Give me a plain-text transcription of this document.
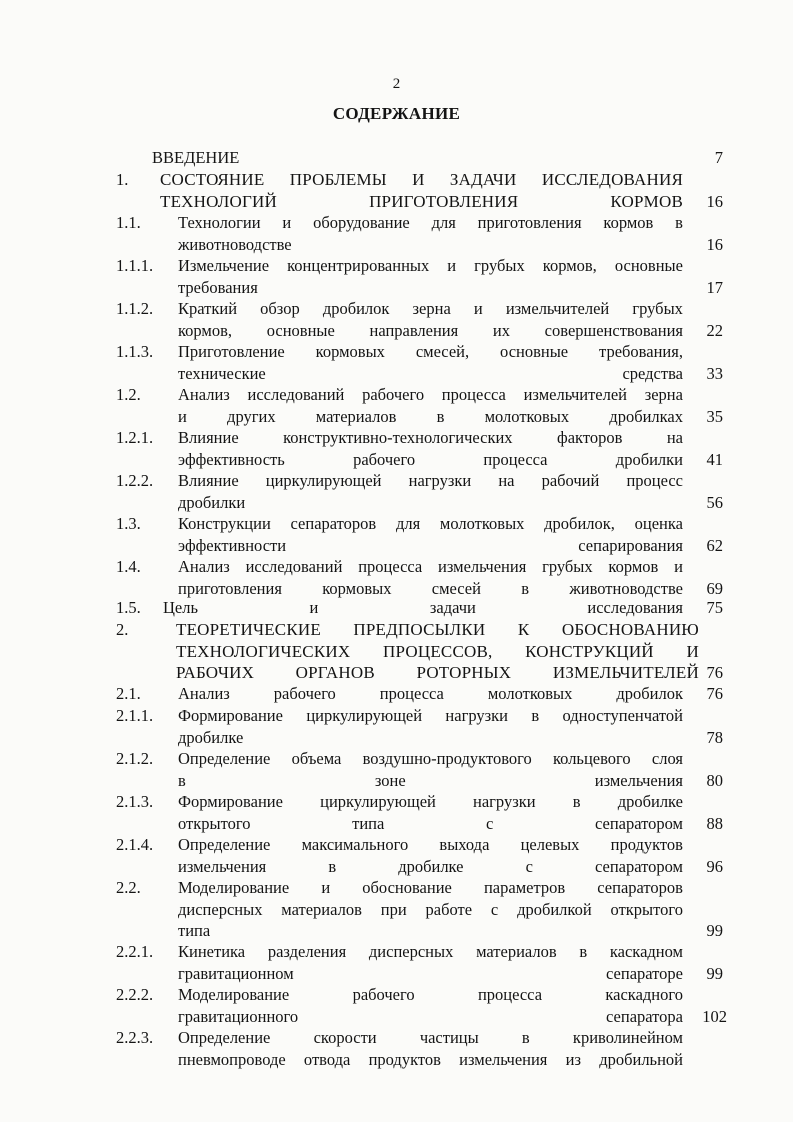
2
СОДЕРЖАНИЕ
ВВЕДЕНИЕ	7
1. СОСТОЯНИЕ ПРОБЛЕМЫ И ЗАДАЧИ ИССЛЕДОВАНИЯ
ТЕХНОЛОГИЙ	ПРИГОТОВЛЕНИЯ	КОРМОВ	16
1.1. Технологии и оборудование для приготовления кормов в
животноводстве	16
1.1.1. Измельчение концентрированных и грубых кормов, основные
требования	17
1.1.2. Краткий обзор дробилок зерна и измельчителей грубых
кормов, основные направления их совершенствования	22
1.1.3. Приготовление кормовых смесей, основные требования,
технические средства	33
1.2. Анализ исследований рабочего процесса измельчителей зерна
и других материалов в молотковых дробилках	35
1.2.1. Влияние	конструктивно-технологических	факторов	на
эффективность рабочего процесса дробилки	41
1.2.2. Влияние циркулирующей нагрузки на рабочий процесс
дробилки	56
1.3. Конструкции сепараторов для молотковых дробилок, оценка
эффективности сепарирования	62
1.4. Анализ исследований процесса измельчения грубых кормов и
приготовления кормовых смесей в животноводстве	69
1.5. Цель и задачи исследования	75
2.	ТЕОРЕТИЧЕСКИЕ ПРЕДПОСЫЛКИ К ОБОСНОВАНИЮ
ТЕХНОЛОГИЧЕСКИХ ПРОЦЕССОВ, КОНСТРУКЦИЙ И
РАБОЧИХ ОРГАНОВ РОТОРНЫХ ИЗМЕЛЬЧИТЕЛЕЙ 76
2.1. Анализ рабочего процесса молотковых дробилок	76
2.1.1. Формирование циркулирующей нагрузки в одноступенчатой
дробилке	78
2.1.2. Определение объема воздушно-продуктового кольцевого слоя
в зоне измельчения	80
2.1.3. Формирование циркулирующей нагрузки в дробилке
открытого типа с сепаратором	88
2.1.4. Определение максимального выхода целевых продуктов
измельчения в дробилке с сепаратором	96
2.2. Моделирование и обоснование параметров сепараторов
дисперсных материалов при работе с дробилкой открытого
типа	99
2.2.1. Кинетика разделения дисперсных материалов в каскадном
гравитационном сепараторе	99
2.2.2. Моделирование	рабочего	процесса	каскадного
гравитационного сепаратора	102
2.2.3. Определение	скорости	частицы	в	криволинейном
пневмопроводе отвода продуктов измельчения из дробильной
